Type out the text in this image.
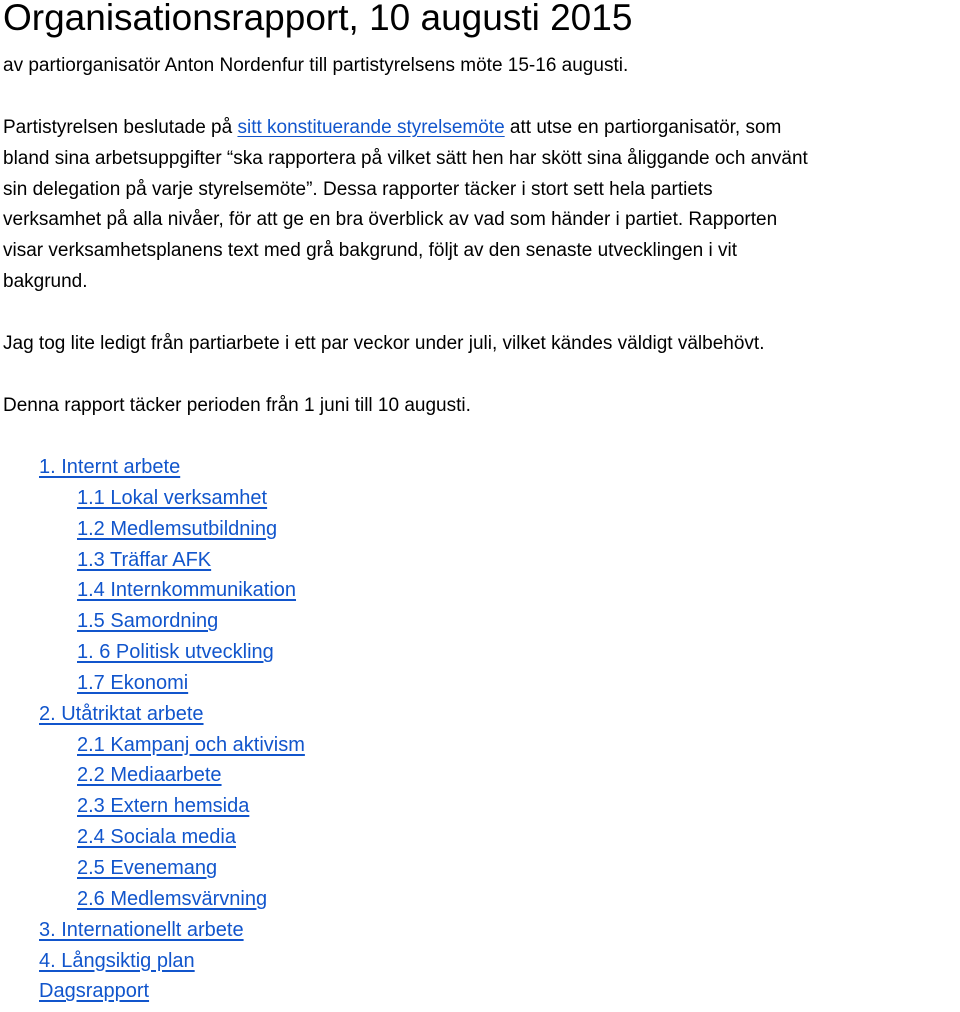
Organisationsrapport, 10 augusti 2015

av partiorganisatör Anton Nordenfur till partistyrelsens möte 15-16 augusti.

Partistyrelsen beslutade på sitt konstituerande styrelsemöte att utse en partiorganisatör, som
bland sina arbetsuppgifter “ska rapportera på vilket sätt hen har skött sina åliggande och använt
sin delegation på varje styrelsemöte”. Dessa rapporter täcker i stort sett hela partiets
verksamhet på alla nivåer, för att ge en bra överblick av vad som händer i partiet. Rapporten
visar verksamhetsplanens text med grå bakgrund, följt av den senaste utvecklingen i vit
bakgrund.

Jag tog lite ledigt från partiarbete i ett par veckor under juli, vilket kändes väldigt välbehövt.

Denna rapport täcker perioden från 1 juni till 10 augusti.

1. Internt arbete
1.1 Lokal verksamhet
1.2 Medlemsutbildning
1.3 Träffar AFK
1.4 Internkommunikation
1.5 Samordning
1. 6 Politisk utveckling
1.7 Ekonomi
2. Utåtriktat arbete
2.1 Kampanj och aktivism
2.2 Mediaarbete
2.3 Extern hemsida
2.4 Sociala media
2.5 Evenemang
2.6 Medlemsvärvning
3. Internationellt arbete
4. Långsiktig plan
Dagsrapport
